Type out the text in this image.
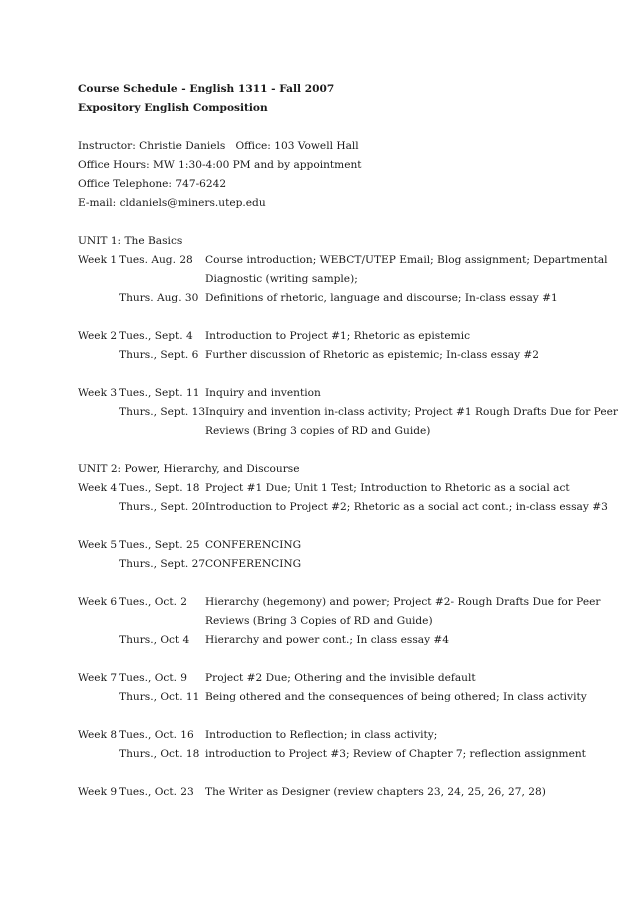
Course Schedule - English 1311 - Fall 2007
Expository English Composition
Instructor: Christie Daniels   Office: 103 Vowell Hall
Office Hours: MW 1:30-4:00 PM and by appointment
Office Telephone: 747-6242
E-mail: cldaniels@miners.utep.edu
UNIT 1: The Basics
Week 1 Tues. Aug. 28	Course introduction; WEBCT/UTEP Email; Blog assignment; Departmental
Diagnostic (writing sample);
Thurs. Aug. 30 Definitions of rhetoric, language and discourse; In-class essay #1
Week 2 Tues., Sept. 4	Introduction to Project #1; Rhetoric as epistemic
Thurs., Sept. 6 Further discussion of Rhetoric as epistemic; In-class essay #2
Week 3 Tues., Sept. 11 Inquiry and invention
Thurs., Sept. 13 Inquiry and invention in-class activity; Project #1 Rough Drafts Due for Peer
Reviews (Bring 3 copies of RD and Guide)
UNIT 2: Power, Hierarchy, and Discourse
Week 4 Tues., Sept. 18 Project #1 Due; Unit 1 Test; Introduction to Rhetoric as a social act
Thurs., Sept. 20 Introduction to Project #2; Rhetoric as a social act cont.; in-class essay #3
Week 5 Tues., Sept. 25 CONFERENCING
Thurs., Sept. 27 CONFERENCING
Week 6 Tues., Oct. 2	Hierarchy (hegemony) and power; Project #2- Rough Drafts Due for Peer
Reviews (Bring 3 Copies of RD and Guide)
Thurs., Oct 4	Hierarchy and power cont.; In class essay #4
Week 7 Tues., Oct. 9	Project #2 Due; Othering and the invisible default
Thurs., Oct. 11 Being othered and the consequences of being othered; In class activity
Week 8 Tues., Oct. 16	Introduction to Reflection; in class activity;
Thurs., Oct. 18 introduction to Project #3; Review of Chapter 7; reflection assignment
Week 9 Tues., Oct. 23	The Writer as Designer (review chapters 23, 24, 25, 26, 27, 28)
